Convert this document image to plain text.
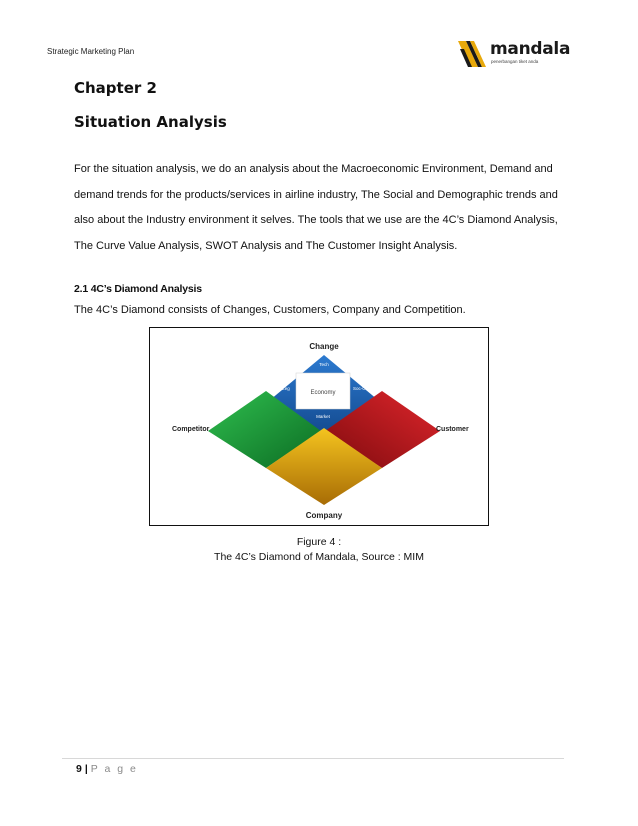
Strategic Marketing Plan	mandala
penerbangan tiket anda
Chapter 2
Situation Analysis

For the situation analysis, we do an analysis about the Macroeconomic Environment, Demand and demand trends for the products/services in airline industry, The Social and Demographic trends and also about the Industry environment it selves. The tools that we use are the 4C’s Diamond Analysis, The Curve Value Analysis, SWOT Analysis and The Customer Insight Analysis.

2.1 4C’s Diamond Analysis
The 4C’s Diamond consists of Changes, Customers, Company and Competition.
Change
Tech
Pol-Leg	Soc-Cul
Economy
Market
Competitor	Customer
Company
Figure 4 :
The 4C’s Diamond of Mandala, Source : MIM
9 | P a g e
